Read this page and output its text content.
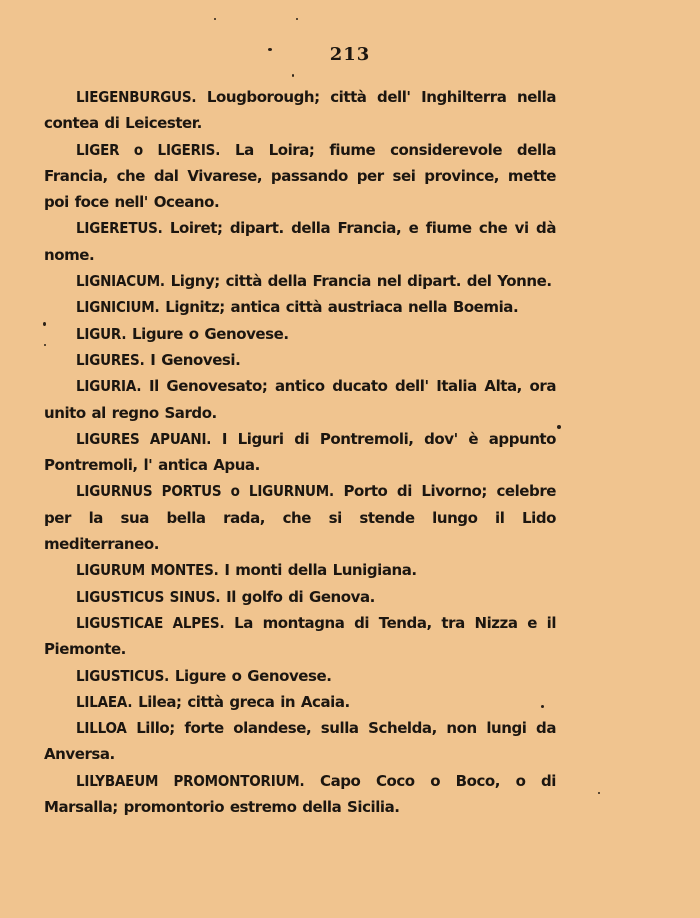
213

LIEGENBURGUS. Lougborough; città dell' Inghilterra nella contea di Leicester.

LIGER o LIGERIS. La Loira; fiume considerevole della Francia, che dal Vivarese, passando per sei province, mette poi foce nell' Oceano.

LIGERETUS. Loiret; dipart. della Francia, e fiume che vi dà nome.

LIGNIACUM. Ligny; città della Francia nel dipart. del Yonne.

LIGNICIUM. Lignitz; antica città austriaca nella Boemia.

LIGUR. Ligure o Genovese.

LIGURES. I Genovesi.

LIGURIA. Il Genovesato; antico ducato dell' Italia Alta, ora unito al regno Sardo.

LIGURES APUANI. I Liguri di Pontremoli, dov' è appunto Pontremoli, l' antica Apua.

LIGURNUS PORTUS o LIGURNUM. Porto di Livorno; celebre per la sua bella rada, che si stende lungo il Lido mediterraneo.

LIGURUM MONTES. I monti della Lunigiana.

LIGUSTICUS SINUS. Il golfo di Genova.

LIGUSTICAE ALPES. La montagna di Tenda, tra Nizza e il Piemonte.

LIGUSTICUS. Ligure o Genovese.

LILAEA. Lilea; città greca in Acaia.

LILLOA Lillo; forte olandese, sulla Schelda, non lungi da Anversa.

LILYBAEUM PROMONTORIUM. Capo Coco o Boco, o di Marsalla; promontorio estremo della Sicilia.
